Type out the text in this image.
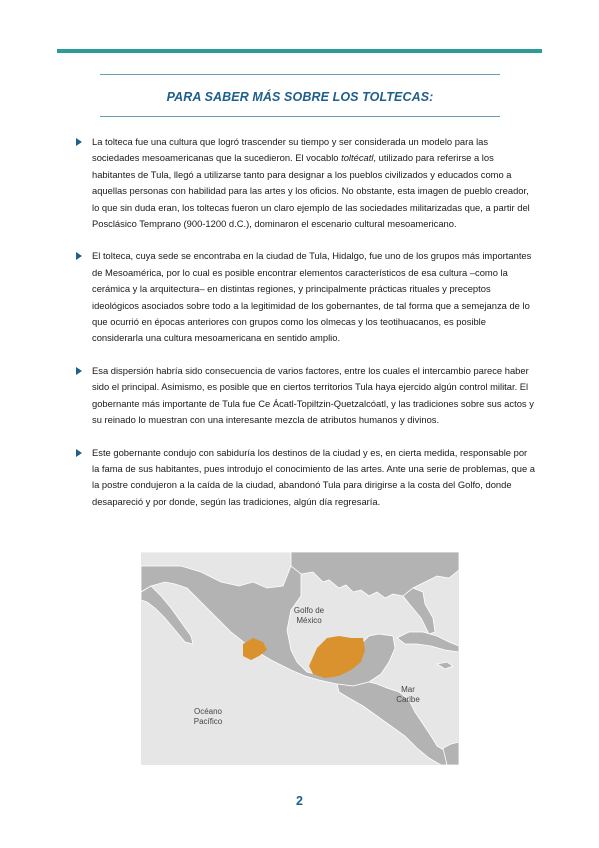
PARA SABER MÁS SOBRE LOS TOLTECAS:
La tolteca fue una cultura que logró trascender su tiempo y ser considerada un modelo para las sociedades mesoamericanas que la sucedieron. El vocablo toltécatl, utilizado para referirse a los habitantes de Tula, llegó a utilizarse tanto para designar a los pueblos civilizados y educados como a aquellas personas con habilidad para las artes y los oficios. No obstante, esta imagen de pueblo creador, lo que sin duda eran, los toltecas fueron un claro ejemplo de las sociedades militarizadas que, a partir del Posclásico Temprano (900-1200 d.C.), dominaron el escenario cultural mesoamericano.
El tolteca, cuya sede se encontraba en la ciudad de Tula, Hidalgo, fue uno de los grupos más importantes de Mesoamérica, por lo cual es posible encontrar elementos característicos de esa cultura –como la cerámica y la arquitectura– en distintas regiones, y principalmente prácticas rituales y preceptos ideológicos asociados sobre todo a la legitimidad de los gobernantes, de tal forma que a semejanza de lo que ocurrió en épocas anteriores con grupos como los olmecas y los teotihuacanos, es posible considerarla una cultura mesoamericana en sentido amplio.
Esa dispersión habría sido consecuencia de varios factores, entre los cuales el intercambio parece haber sido el principal. Asimismo, es posible que en ciertos territorios Tula haya ejercido algún control militar. El gobernante más importante de Tula fue Ce Ácatl-Topiltzin-Quetzalcóatl, y las tradiciones sobre sus actos y su reinado lo muestran con una interesante mezcla de atributos humanos y divinos.
Este gobernante condujo con sabiduría los destinos de la ciudad y es, en cierta medida, responsable por la fama de sus habitantes, pues introdujo el conocimiento de las artes. Ante una serie de problemas, que a la postre condujeron a la caída de la ciudad, abandonó Tula para dirigirse a la costa del Golfo, donde desapareció y por donde, según las tradiciones, algún día regresaría.
Golfo de
México
Mar
Caribe
Océano
Pacífico
2
